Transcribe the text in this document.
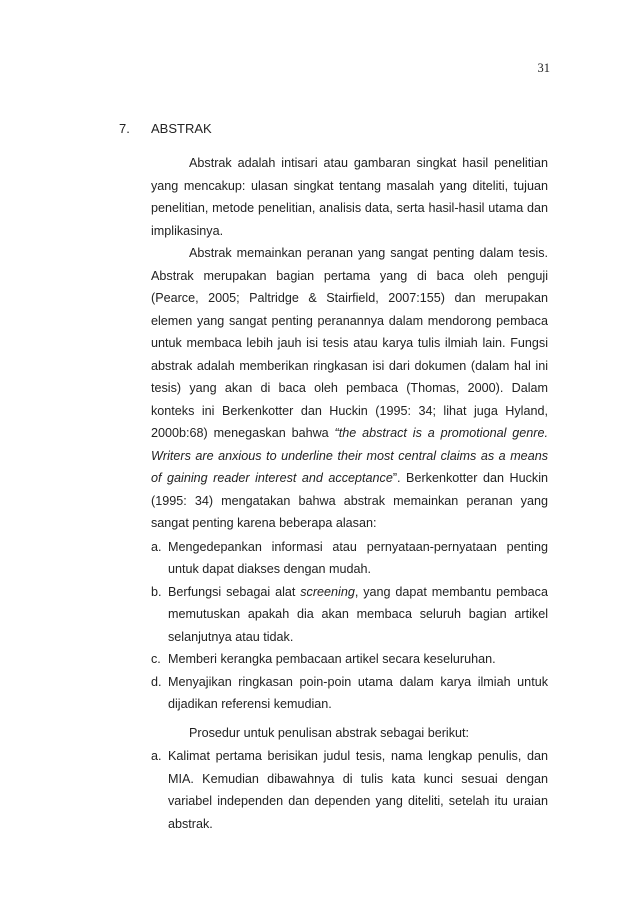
31
7. ABSTRAK

Abstrak adalah intisari atau gambaran singkat hasil penelitian yang mencakup: ulasan singkat tentang masalah yang diteliti, tujuan penelitian, metode penelitian, analisis data, serta hasil-hasil utama dan implikasinya.

Abstrak memainkan peranan yang sangat penting dalam tesis. Abstrak merupakan bagian pertama yang di baca oleh penguji (Pearce, 2005; Paltridge & Stairfield, 2007:155) dan merupakan elemen yang sangat penting peranannya dalam mendorong pembaca untuk membaca lebih jauh isi tesis atau karya tulis ilmiah lain. Fungsi abstrak adalah memberikan ringkasan isi dari dokumen (dalam hal ini tesis) yang akan di baca oleh pembaca (Thomas, 2000). Dalam konteks ini Berkenkotter dan Huckin (1995: 34; lihat juga Hyland, 2000b:68) menegaskan bahwa “the abstract is a promotional genre. Writers are anxious to underline their most central claims as a means of gaining reader interest and acceptance”. Berkenkotter dan Huckin (1995: 34) mengatakan bahwa abstrak memainkan peranan yang sangat penting karena beberapa alasan:

a. Mengedepankan informasi atau pernyataan-pernyataan penting untuk dapat diakses dengan mudah.
b. Berfungsi sebagai alat screening, yang dapat membantu pembaca memutuskan apakah dia akan membaca seluruh bagian artikel selanjutnya atau tidak.
c. Memberi kerangka pembacaan artikel secara keseluruhan.
d. Menyajikan ringkasan poin-poin utama dalam karya ilmiah untuk dijadikan referensi kemudian.

Prosedur untuk penulisan abstrak sebagai berikut:

a. Kalimat pertama berisikan judul tesis, nama lengkap penulis, dan MIA. Kemudian dibawahnya di tulis kata kunci sesuai dengan variabel independen dan dependen yang diteliti, setelah itu uraian abstrak.
